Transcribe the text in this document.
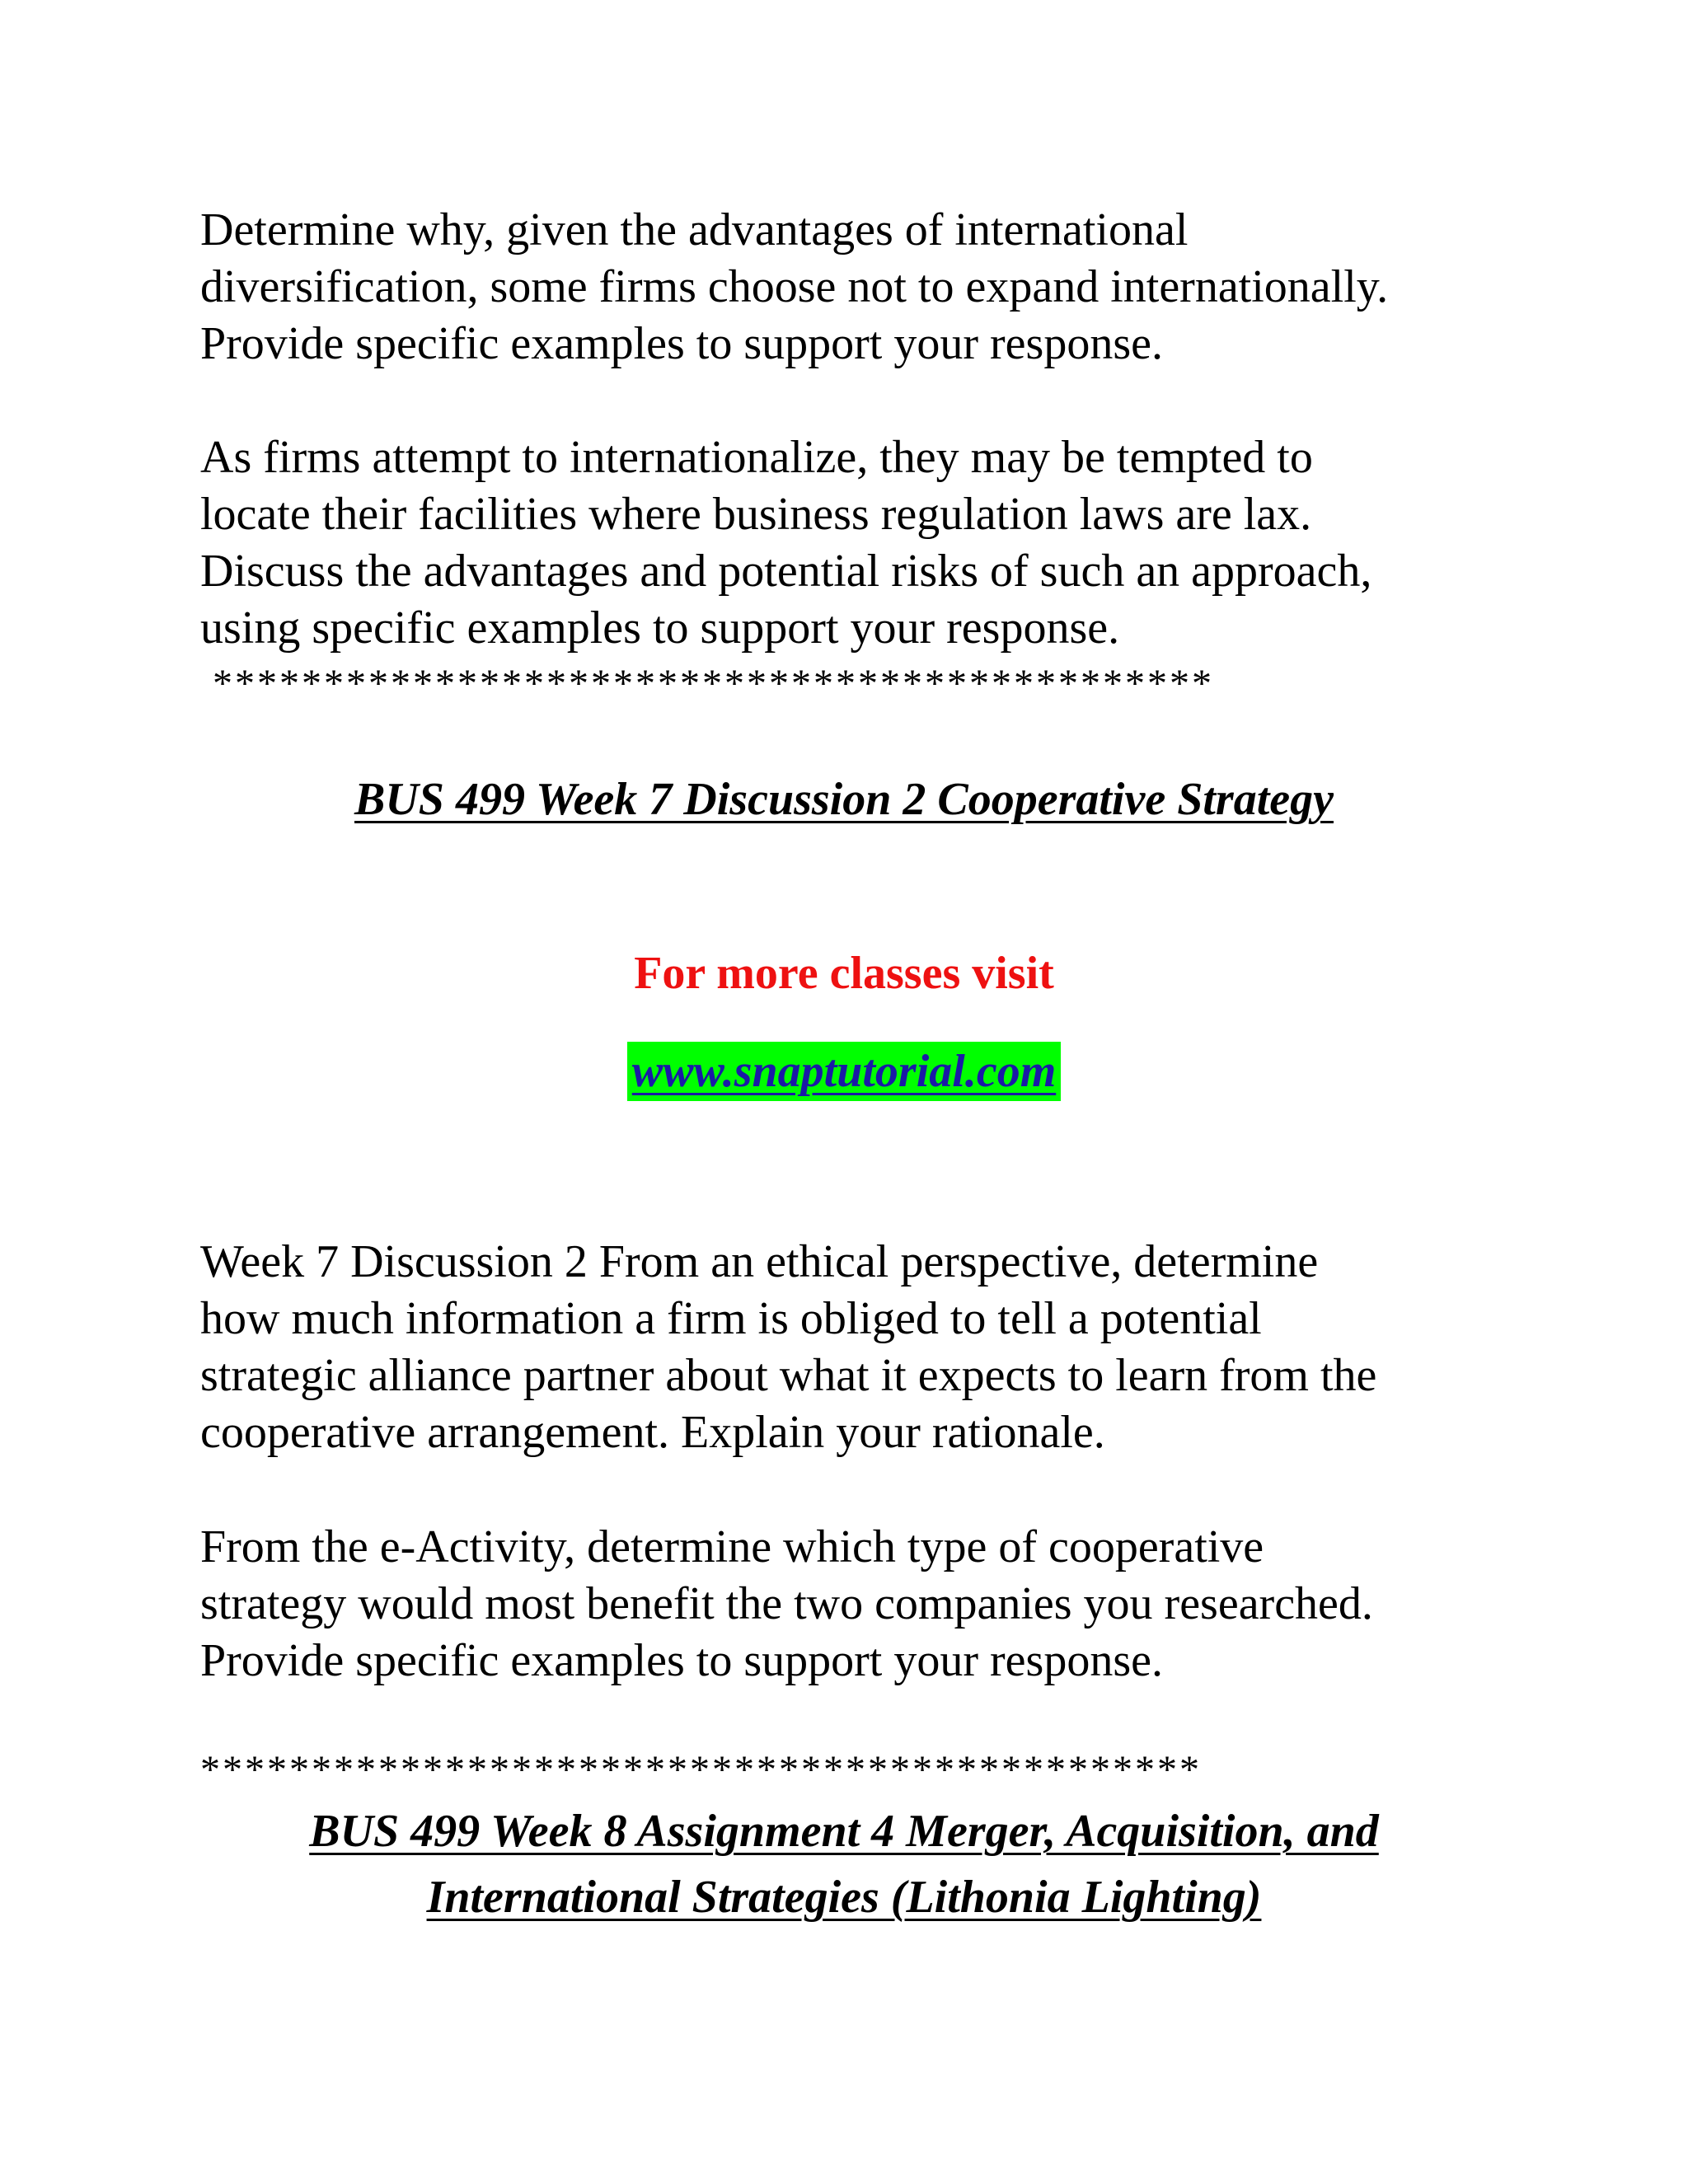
Determine why, given the advantages of international
diversification, some firms choose not to expand internationally.
Provide specific examples to support your response.

As firms attempt to internationalize, they may be tempted to
locate their facilities where business regulation laws are lax.
Discuss the advantages and potential risks of such an approach,
using specific examples to support your response.

*********************************************

BUS 499 Week 7 Discussion 2 Cooperative Strategy

For more classes visit

www.snaptutorial.com

Week 7 Discussion 2 From an ethical perspective, determine
how much information a firm is obliged to tell a potential
strategic alliance partner about what it expects to learn from the
cooperative arrangement. Explain your rationale.

From the e-Activity, determine which type of cooperative
strategy would most benefit the two companies you researched.
Provide specific examples to support your response.

*********************************************

BUS 499 Week 8 Assignment 4 Merger, Acquisition, and
International Strategies (Lithonia Lighting)
